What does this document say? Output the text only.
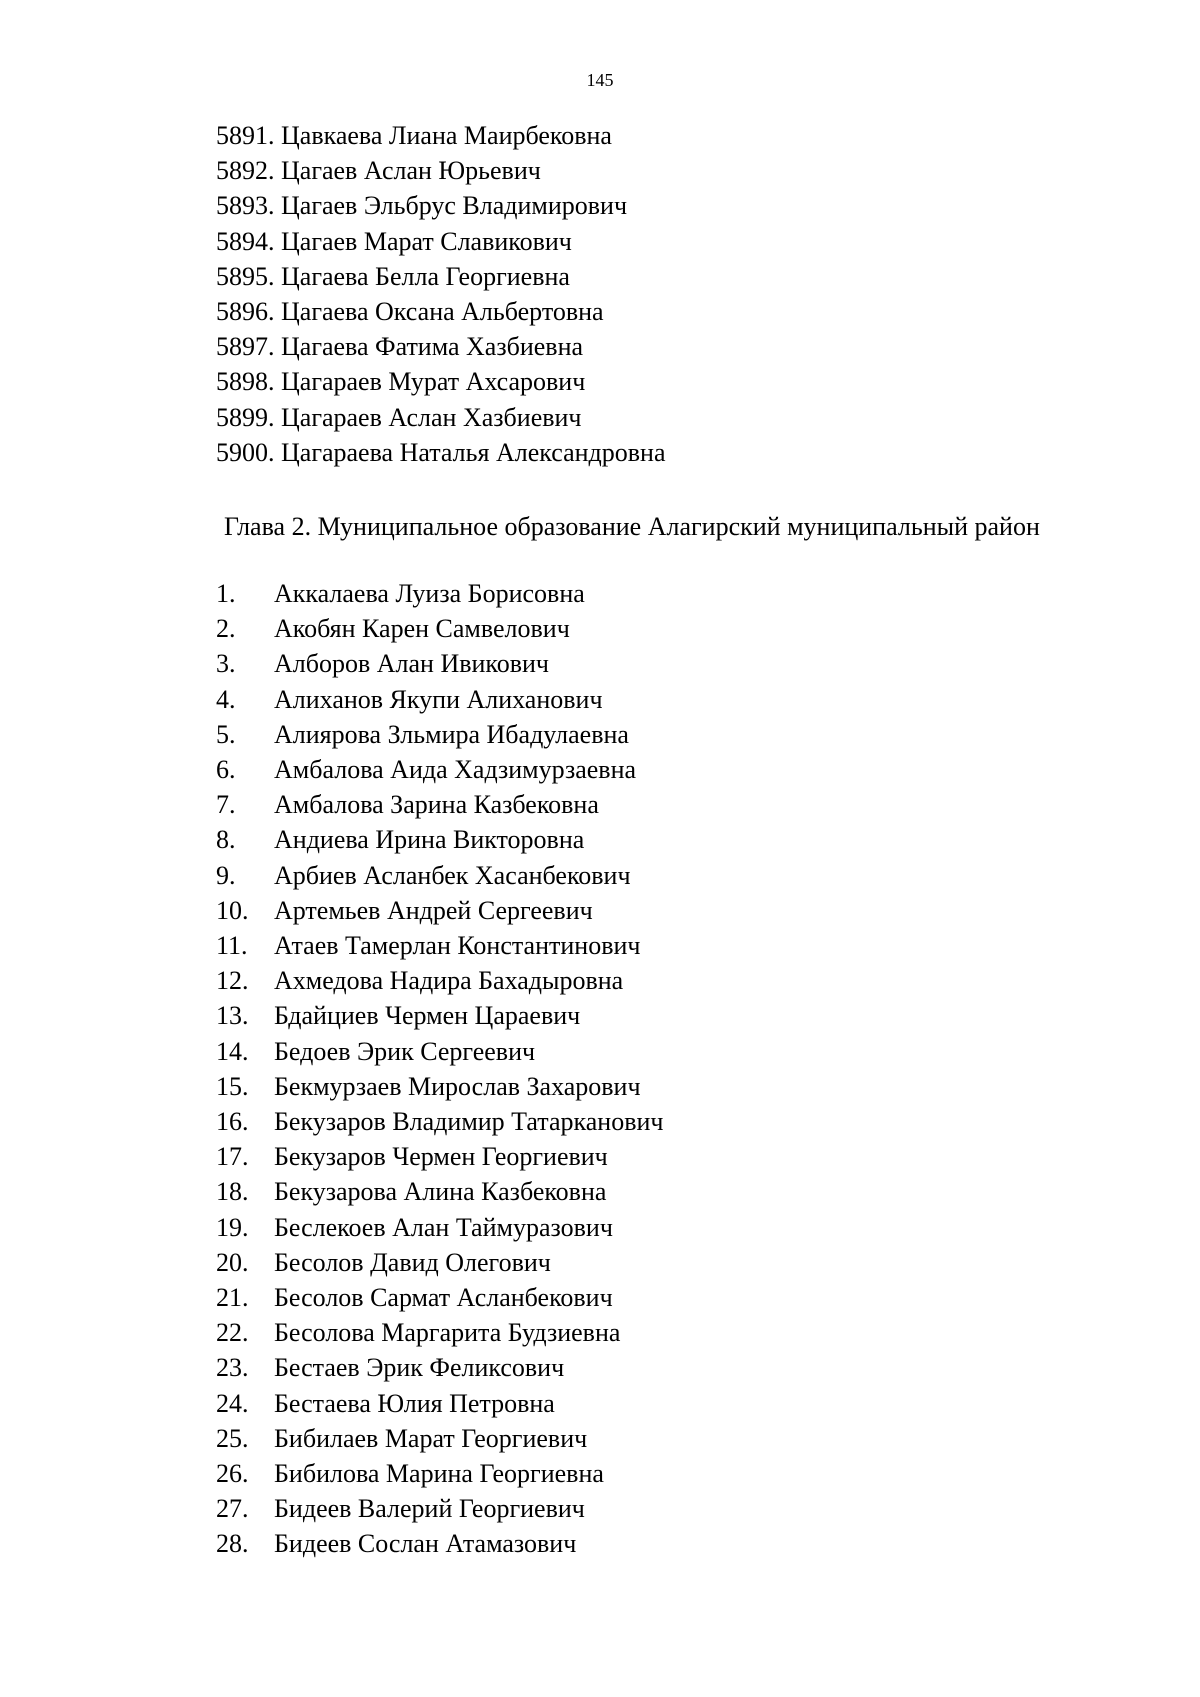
145
5891. Цавкаева Лиана Маирбековна
5892. Цагаев Аслан Юрьевич
5893. Цагаев Эльбрус Владимирович
5894. Цагаев Марат Славикович
5895. Цагаева Белла Георгиевна
5896. Цагаева Оксана Альбертовна
5897. Цагаева Фатима Хазбиевна
5898. Цагараев Мурат Ахсарович
5899. Цагараев Аслан Хазбиевич
5900. Цагараева Наталья Александровна
Глава 2. Муниципальное образование Алагирский муниципальный район
1.	Аккалаева Луиза Борисовна
2.	Акобян Карен Самвелович
3.	Алборов Алан Ивикович
4.	Алиханов Якупи Алиханович
5.	Алиярова Зльмира Ибадулаевна
6.	Амбалова Аида Хадзимурзаевна
7.	Амбалова Зарина Казбековна
8.	Андиева Ирина Викторовна
9.	Арбиев Асланбек Хасанбекович
10. Артемьев Андрей Сергеевич
11.	Атаев Тамерлан Константинович
12. Ахмедова Надира Бахадыровна
13. Бдайциев Чермен Цараевич
14. Бедоев Эрик Сергеевич
15. Бекмурзаев Мирослав Захарович
16. Бекузаров Владимир Татарканович
17. Бекузаров Чермен Георгиевич
18. Бекузарова Алина Казбековна
19. Беслекоев Алан Таймуразович
20. Бесолов Давид Олегович
21. Бесолов Сармат Асланбекович
22. Бесолова Маргарита Будзиевна
23. Бестаев Эрик Феликсович
24. Бестаева Юлия Петровна
25. Бибилаев Марат Георгиевич
26. Бибилова Марина Георгиевна
27. Бидеев Валерий Георгиевич
28. Бидеев Сослан Атамазович
